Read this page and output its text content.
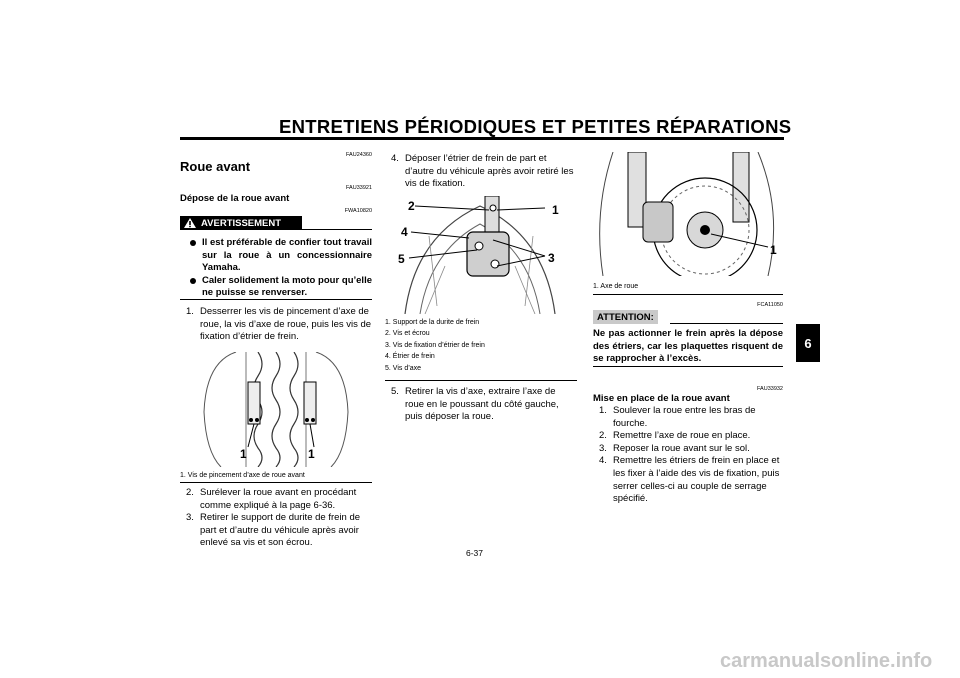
ENTRETIENS PÉRIODIQUES ET PETITES RÉPARATIONS
6
FAU24360
Roue avant
FAU33921
Dépose de la roue avant
AVERTISSEMENT
FWA10820
Il est préférable de confier tout travail sur la roue à un concessionnaire Yamaha.
Caler solidement la moto pour qu’elle ne puisse se renverser.
1. Desserrer les vis de pincement d’axe de roue, la vis d’axe de roue, puis les vis de fixation d’étrier de frein.
1	1
1. Vis de pincement d’axe de roue avant
2. Surélever la roue avant en procédant comme expliqué à la page 6-36.
3. Retirer le support de durite de frein de part et d’autre du véhicule après avoir enlevé sa vis et son écrou.
4. Déposer l’étrier de frein de part et d’autre du véhicule après avoir retiré les vis de fixation.
2	1
4
5	3
1. Support de la durite de frein
2. Vis et écrou
3. Vis de fixation d’étrier de frein
4. Étrier de frein
5. Vis d’axe
5. Retirer la vis d’axe, extraire l’axe de roue en le poussant du côté gauche, puis déposer la roue.
1
1. Axe de roue
FCA11050
ATTENTION:
Ne pas actionner le frein après la dépose des étriers, car les plaquettes risquent de se rapprocher à l’excès.
FAU33932
Mise en place de la roue avant
1. Soulever la roue entre les bras de fourche.
2. Remettre l’axe de roue en place.
3. Reposer la roue avant sur le sol.
4. Remettre les étriers de frein en place et les fixer à l’aide des vis de fixation, puis serrer celles-ci au couple de serrage spécifié.
6-37
carmanualsonline.info
